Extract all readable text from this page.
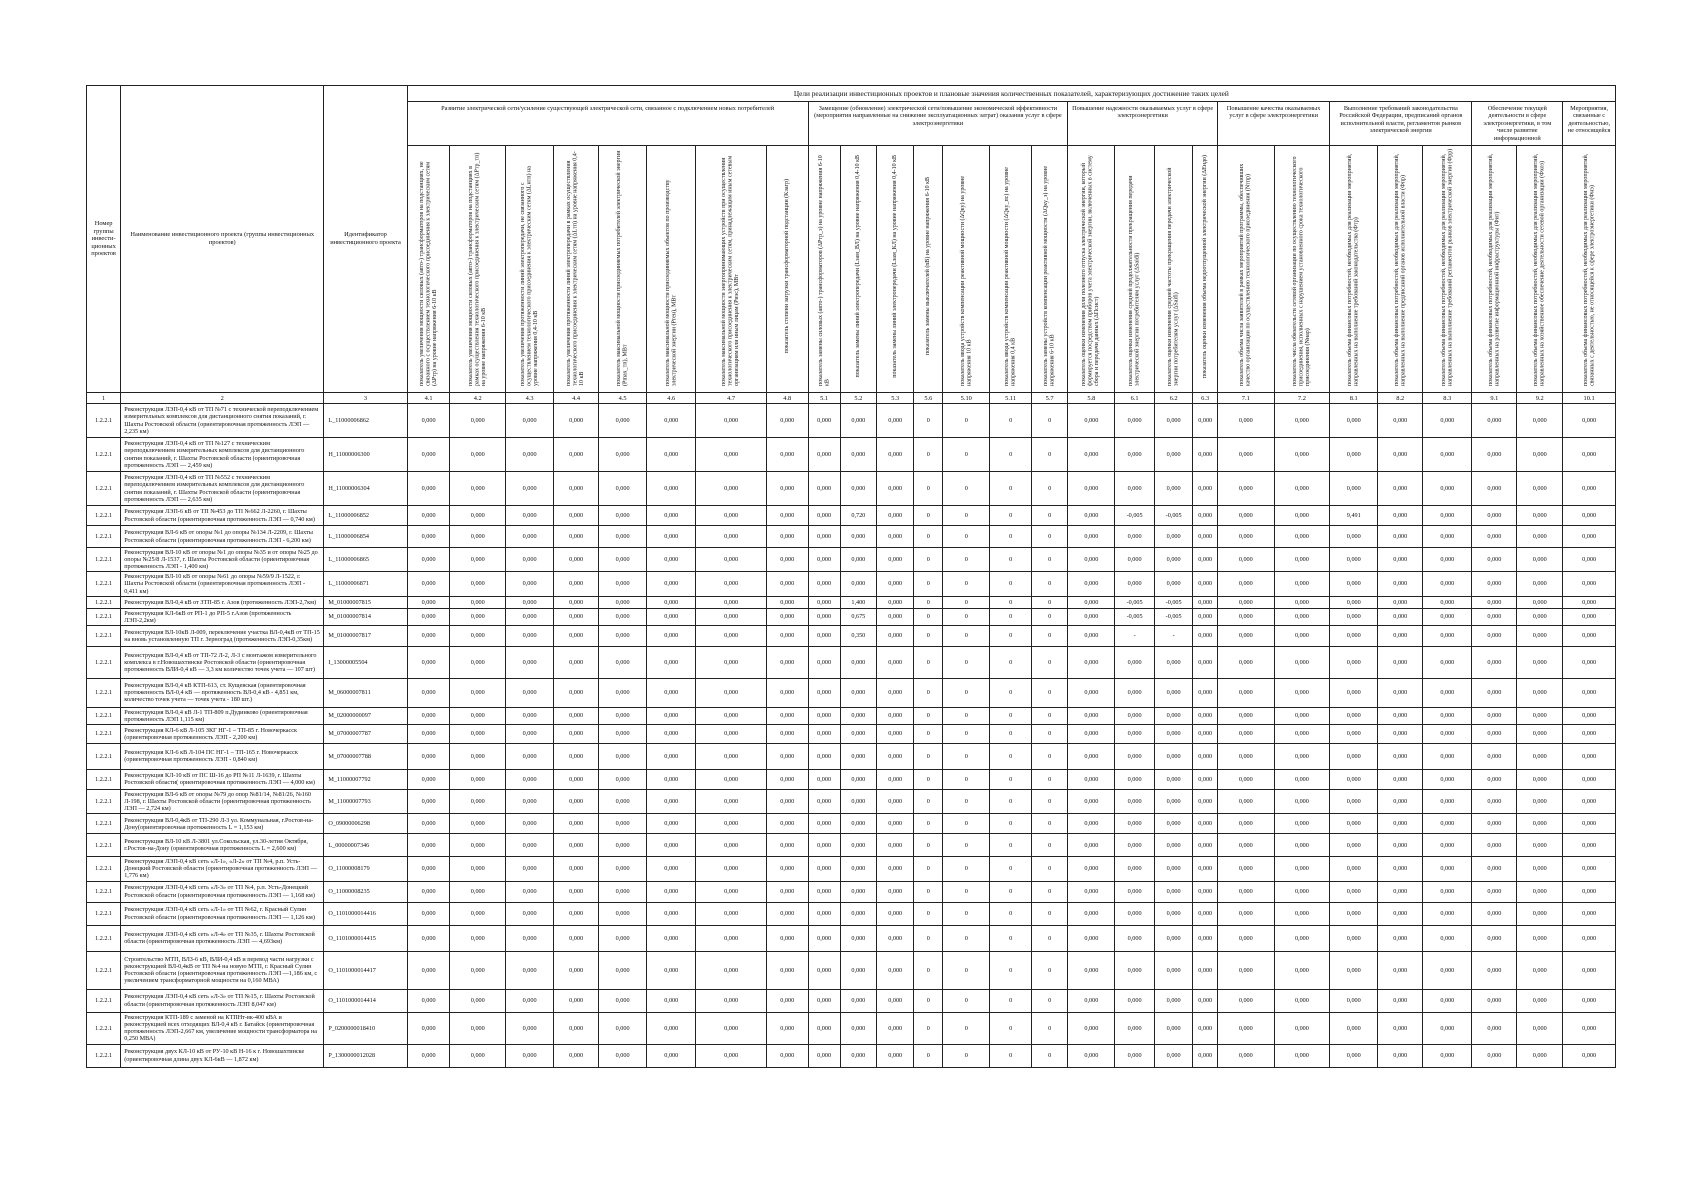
Номер группы инвести-ционных проектов	Наименование инвестиционного проекта (группы инвестиционных проектов)	Идентификатор инвестиционного проекта	Цели реализации инвестиционных проектов и плановые значения количественных показателей, характеризующих достижение таких целей																										
			Развитие электрической сети/усиление существующей электрической сети, связанное с подключением новых потребителей								Замещение (обновление) электрической сети/повышение экономической эффективности (мероприятия направленные на снижение эксплуатационных затрат) оказания услуг в сфере электроэнергетики							Повышение надежности оказываемых услуг в сфере электроэнергетики				Повышение качества оказываемых услуг в сфере электроэнергетики		Выполнение требований законодательства Российской Федерации, предписаний органов исполнительной власти, регламентов рынков электрической энергии			Обеспечение текущей деятельности в сфере электроэнергетики, в том числе развитие информационной		Мероприятия, связанные с деятельностью, не относящейся
			показатель увеличения мощности силовых (авто-) трансформаторов на подстанциях, не связанного с осуществлением технологического присоединения к электрическим сетям (ΔPтр) на уровне напряжения 6-10 кВ	показатель увеличения мощности силовых (авто-) трансформаторов на подстанциях в рамках осуществления технологического присоединения к электрическим сетям (ΔPтр_тп) на уровне напряжения 6-10 кВ	показатель увеличения протяженности линий электропередачи, не связанного с осуществлением технологического присоединения к электрическим сетям (ΔLнтп) на уровне напряжения 0,4-10 кВ	показатель увеличения протяженности линий электропередачи в рамках осуществления технологического присоединения к электрическим сетям (ΔLтп) на уровне напряжения 0,4-10 кВ	показатель максимальной мощности присоединяемых потребителей электрической энергии (Pmax_тп), МВт	показатель максимальной мощности присоединяемых объектов по производству электрической энергии (Pген), МВт	показатель максимальной мощности энергопринимающих устройств при осуществлении технологического присоединения к электрическим сетям, принадлежащим иным сетевым организациям или иным лицам (Pиэс), МВт	показатель степени загрузки трансформаторной подстанции (Kзагр)	показатель замены силовых (авто-) трансформаторов (ΔPтр_з) на уровне напряжения 6-10 кВ	показатель замены линий электропередачи (Lзам_ВЛ) на уровне напряжения 0,4-10 кВ	показатель замены линий электропередачи (Lзам_КЛ) на уровне напряжения 0,4-10 кВ	показатель замены выключателей (nВ) на уровне напряжения 6-10 кВ	показатель ввода устройств компенсации реактивной мощности (ΔQку) на уровне напряжения 10 кВ	показатель ввода устройств компенсации реактивной мощности (ΔQку_пс) на уровне напряжения 0,4 кВ	показатель замены устройств компенсации реактивной мощности (ΔQку_з) на уровне напряжения 6-10 кВ	показатель оценки изменения доли полезного отпуска электрической энергии, который формируется посредством приборов учета электрической энергии, включенных в систему сбора и передачи данных (ΔПсист)	показатель оценки изменения средней продолжительности прекращения передачи электрической энергии потребителям услуг (ΔSaidi)	показатель оценки изменения средней частоты прекращения передачи электрической энергии потребителям услуг (ΔSaifi)	показатель оценки изменения объема недоотпущенной электрической энергии (ΔEндо)	показатель объема числа заявителей в рамках мероприятий программы, обеспечивших качество организации по осуществлению технологического присоединения (Nтпр)	показатель числа обязательств сетевой организации по осуществлению технологического присоединения, исполненных с нарушением установленного срока технологического присоединения (Nнар)	показатель объема финансовых потребностей, необходимых для реализации мероприятий, направленных на выполнение требований законодательства (Фтр)	показатель объема финансовых потребностей, необходимых для реализации мероприятий, направленных на выполнение предписаний органов исполнительной власти (Фпр)	показатель объема финансовых потребностей, необходимых для реализации мероприятий, направленных на выполнение требований регламентов рынков электрической энергии (Фрр)	показатель объема финансовых потребностей, необходимых для реализации мероприятий, направленных на развитие информационной инфраструктуры (Фит)	показатель объема финансовых потребностей, необходимых для реализации мероприятий, направленных на хозяйственное обеспечение деятельности сетевой организации (Фхоз)	показатель объема финансовых потребностей, необходимых для реализации мероприятий, связанных с деятельностью, не относящейся к сфере электроэнергетики (Фнэ)
1	2	3	4.1	4.2	4.3	4.4	4.5	4.6	4.7	4.8	5.1	5.2	5.3	5.6	5.10	5.11	5.7	5.8	6.1	6.2	6.3	7.1	7.2	8.1	8.2	8.3	9.1	9.2	10.1
1.2.2.1	Реконструкция ЛЭП-0,4 кВ от ТП №71 с технической переподключением измерительных комплексов для дистанционного снятия показаний, г. Шахты Ростовской области (ориентировочная протяженность ЛЭП — 2,235 км)	L_11000006862	0,000	0,000	0,000	0,000	0,000	0,000	0,000	0,000	0,000	0,000	0,000	0	0	0	0	0,000	0,000	0,000	0,000	0,000	0,000	0,000	0,000	0,000	0,000	0,000	0,000
1.2.2.1	Реконструкция ЛЭП-0,4 кВ от ТП №127 с техническим переподключением измерительных комплексов для дистанционного снятия показаний, г. Шахты Ростовской области (ориентировочная протяженность ЛЭП — 2,459 км)	H_11000006300	0,000	0,000	0,000	0,000	0,000	0,000	0,000	0,000	0,000	0,000	0,000	0	0	0	0	0,000	0,000	0,000	0,000	0,000	0,000	0,000	0,000	0,000	0,000	0,000	0,000
1.2.2.1	Реконструкция ЛЭП-0,4 кВ от ТП №552 с техническим переподключением измерительных комплексов для дистанционного снятия показаний, г. Шахты Ростовской области (ориентировочная протяженность ЛЭП — 2,635 км)	H_11000006304	0,000	0,000	0,000	0,000	0,000	0,000	0,000	0,000	0,000	0,000	0,000	0	0	0	0	0,000	0,000	0,000	0,000	0,000	0,000	0,000	0,000	0,000	0,000	0,000	0,000
1.2.2.1	Реконструкция ЛЭП-6 кВ от ТП №453 до ТП №662 Л-2260, г. Шахты Ростовской области (ориентировочная протяженность ЛЭП — 0,740 км)	L_11000006852	0,000	0,000	0,000	0,000	0,000	0,000	0,000	0,000	0,000	0,720	0,000	0	0	0	0	0,000	-0,005	-0,005	0,000	0,000	0,000	9,491	0,000	0,000	0,000	0,000	0,000
1.2.2.1	Реконструкция ВЛ-6 кВ от опоры №1 до опоры №134 Л-2209, г. Шахты Ростовской области (ориентировочная протяженность ЛЭП - 6,200 км)	L_11000006854	0,000	0,000	0,000	0,000	0,000	0,000	0,000	0,000	0,000	0,000	0,000	0	0	0	0	0,000	0,000	0,000	0,000	0,000	0,000	0,000	0,000	0,000	0,000	0,000	0,000
1.2.2.1	Реконструкция ВЛ-10 кВ от опоры №1 до опоры №35 и от опоры №25 до опоры №25/8 Л-1537, г. Шахты Ростовской области (ориентировочная протяженность ЛЭП - 1,400 км)	L_11000006865	0,000	0,000	0,000	0,000	0,000	0,000	0,000	0,000	0,000	0,000	0,000	0	0	0	0	0,000	0,000	0,000	0,000	0,000	0,000	0,000	0,000	0,000	0,000	0,000	0,000
1.2.2.1	Реконструкция ВЛ-10 кВ от опоры №61 до опоры №59/9 Л-1522, г. Шахты Ростовской области (ориентировочная протяженность ЛЭП - 0,411 км)	L_11000006871	0,000	0,000	0,000	0,000	0,000	0,000	0,000	0,000	0,000	0,000	0,000	0	0	0	0	0,000	0,000	0,000	0,000	0,000	0,000	0,000	0,000	0,000	0,000	0,000	0,000
1.2.2.1	Реконструкция ВЛ-0,4 кВ от ЗТП-85 г. Азов (протяженность ЛЭП-2,7км)	M_01000007815	0,000	0,000	0,000	0,000	0,000	0,000	0,000	0,000	0,000	1,400	0,000	0	0	0	0	0,000	-0,005	-0,005	0,000	0,000	0,000	0,000	0,000	0,000	0,000	0,000	0,000
1.2.2.1	Реконструкция КЛ-6кВ от РП-1 до РП-5 г.Азов (протяженность ЛЭП-2,2км)	M_01000007814	0,000	0,000	0,000	0,000	0,000	0,000	0,000	0,000	0,000	0,675	0,000	0	0	0	0	0,000	-0,005	-0,005	0,000	0,000	0,000	0,000	0,000	0,000	0,000	0,000	0,000
1.2.2.1	Реконструкция ВЛ-10кВ Л-009, переключение участка ВЛ-0,4кВ от ТП-15 на вновь установленную ТП г. Зерноград (протяженность ЛЭП-0,35км)	M_01000007817	0,000	0,000	0,000	0,000	0,000	0,000	0,000	0,000	0,000	0,350	0,000	0	0	0	0	0,000	-	-	0,000	0,000	0,000	0,000	0,000	0,000	0,000	0,000	0,000
1.2.2.1	Реконструкция ВЛ-0,4 кВ от ТП-72 Л-2, Л-3 с монтажом измерительного комплекса в г.Новошахтинске Ростовской области (ориентировочная протяженность ВЛИ-0,4 кВ — 3,3 км количество точек учета — 107 шт)	I_13000005504	0,000	0,000	0,000	0,000	0,000	0,000	0,000	0,000	0,000	0,000	0,000	0	0	0	0	0,000	0,000	0,000	0,000	0,000	0,000	0,000	0,000	0,000	0,000	0,000	0,000
1.2.2.1	Реконструкция ВЛ-0,4 кВ КТП-613, ст. Кущевская (ориентировочная протяженность ВЛ-0,4 кВ — протяженность ВЛ-0,4 кВ - 4,851 км, количество точек учета — точек учета - 180 шт.)	M_06000007811	0,000	0,000	0,000	0,000	0,000	0,000	0,000	0,000	0,000	0,000	0,000	0	0	0	0	0,000	0,000	0,000	0,000	0,000	0,000	0,000	0,000	0,000	0,000	0,000	0,000
1.2.2.1	Реконструкция ВЛ-0,4 кВ Л-1 ТП-809 п.Дудинково (ориентировочная протяженность ЛЭП 1,115 км)	M_02000000097	0,000	0,000	0,000	0,000	0,000	0,000	0,000	0,000	0,000	0,000	0,000	0	0	0	0	0,000	0,000	0,000	0,000	0,000	0,000	0,000	0,000	0,000	0,000	0,000	0,000
1.2.2.1	Реконструкция КЛ-6 кВ Л-105 ЗКГ НГ-1 – ТП-85 г. Новочеркасск (ориентировочная протяженность ЛЭП - 2,200 км)	M_07000007787	0,000	0,000	0,000	0,000	0,000	0,000	0,000	0,000	0,000	0,000	0,000	0	0	0	0	0,000	0,000	0,000	0,000	0,000	0,000	0,000	0,000	0,000	0,000	0,000	0,000
1.2.2.1	Реконструкция КЛ-6 кВ Л-104 ПС НГ-1 – ТП-165 г. Новочеркасск (ориентировочная протяженность ЛЭП - 0,840 км)	M_07000007788	0,000	0,000	0,000	0,000	0,000	0,000	0,000	0,000	0,000	0,000	0,000	0	0	0	0	0,000	0,000	0,000	0,000	0,000	0,000	0,000	0,000	0,000	0,000	0,000	0,000
1.2.2.1	Реконструкция КЛ-10 кВ от ПС Ш-16 до РП №11 Л-1639, г. Шахты Ростовской области( ориентировочная протяженность ЛЭП — 4,000 км)	M_11000007792	0,000	0,000	0,000	0,000	0,000	0,000	0,000	0,000	0,000	0,000	0,000	0	0	0	0	0,000	0,000	0,000	0,000	0,000	0,000	0,000	0,000	0,000	0,000	0,000	0,000
1.2.2.1	Реконструкция ВЛ-6 кВ от опоры №79 до опор №81/14, №81/26, №160 Л-198, г. Шахты Ростовской области (ориентировочная протяженность ЛЭП — 2,724 км)	M_11000007793	0,000	0,000	0,000	0,000	0,000	0,000	0,000	0,000	0,000	0,000	0,000	0	0	0	0	0,000	0,000	0,000	0,000	0,000	0,000	0,000	0,000	0,000	0,000	0,000	0,000
1.2.2.1	Реконструкция ВЛ-0,4кВ от ТП-290 Л-3 ул. Коммунальная, г.Ростов-на-Дону(ориентировочная протяженность L = 1,153 км)	O_09000006298	0,000	0,000	0,000	0,000	0,000	0,000	0,000	0,000	0,000	0,000	0,000	0	0	0	0	0,000	0,000	0,000	0,000	0,000	0,000	0,000	0,000	0,000	0,000	0,000	0,000
1.2.2.1	Реконструкция ВЛ-10 кВ Л-3801 ул.Сокольская, ул.30-летия Октября, г.Ростов-на-Дону (ориентировочная протяженность L = 2,600 км)	L_00000007346	0,000	0,000	0,000	0,000	0,000	0,000	0,000	0,000	0,000	0,000	0,000	0	0	0	0	0,000	0,000	0,000	0,000	0,000	0,000	0,000	0,000	0,000	0,000	0,000	0,000
1.2.2.1	Реконструкция ЛЭП-0,4 кВ сеть «Л-1», «Л-2» от ТП №4, р.п. Усть-Донецкий Ростовской области (ориентировочная протяженность ЛЭП — 1,776 км)	O_11000008179	0,000	0,000	0,000	0,000	0,000	0,000	0,000	0,000	0,000	0,000	0,000	0	0	0	0	0,000	0,000	0,000	0,000	0,000	0,000	0,000	0,000	0,000	0,000	0,000	0,000
1.2.2.1	Реконструкция ЛЭП-0,4 кВ сеть «Л-3» от ТП №4, р.п. Усть-Донецкий Ростовской области (ориентировочная протяженность ЛЭП — 1,168 км)	O_11000008235	0,000	0,000	0,000	0,000	0,000	0,000	0,000	0,000	0,000	0,000	0,000	0	0	0	0	0,000	0,000	0,000	0,000	0,000	0,000	0,000	0,000	0,000	0,000	0,000	0,000
1.2.2.1	Реконструкция ЛЭП-0,4 кВ сеть «Л-1» от ТП №62, г. Красный Сулин Ростовской области (ориентировочная протяженность ЛЭП — 1,126 км)	O_1101000014416	0,000	0,000	0,000	0,000	0,000	0,000	0,000	0,000	0,000	0,000	0,000	0	0	0	0	0,000	0,000	0,000	0,000	0,000	0,000	0,000	0,000	0,000	0,000	0,000	0,000
1.2.2.1	Реконструкция ЛЭП-0,4 кВ сеть «Л-4» от ТП №35, г. Шахты Ростовской области (ориентировочная протяженность ЛЭП — 4,693км)	O_1101000014415	0,000	0,000	0,000	0,000	0,000	0,000	0,000	0,000	0,000	0,000	0,000	0	0	0	0	0,000	0,000	0,000	0,000	0,000	0,000	0,000	0,000	0,000	0,000	0,000	0,000
1.2.2.1	Строительство МТП, ВЛЗ-6 кВ, ВЛИ-0,4 кВ и перевод части нагрузки с реконструкцией ВЛ-0,4кВ от ТП №4 на новую МТП, г. Красный Сулин Ростовской области (ориентировочная протяженность ЛЭП —1,186 км, с увеличением трансформаторной мощности на 0,160 МВА)	O_1101000014417	0,000	0,000	0,000	0,000	0,000	0,000	0,000	0,000	0,000	0,000	0,000	0	0	0	0	0,000	0,000	0,000	0,000	0,000	0,000	0,000	0,000	0,000	0,000	0,000	0,000
1.2.2.1	Реконструкция ЛЭП-0,4 кВ сеть «Л-3» от ТП №15, г. Шахты Ростовской области (ориентировочная протяженность ЛЭП 8,047 км)	O_1101000014414	0,000	0,000	0,000	0,000	0,000	0,000	0,000	0,000	0,000	0,000	0,000	0	0	0	0	0,000	0,000	0,000	0,000	0,000	0,000	0,000	0,000	0,000	0,000	0,000	0,000
1.2.2.1	Реконструкция КТП-189 с заменой на КТПНт-вк-400 кВА и реконструкцией всех отходящих ВЛ-0,4 кВ г. Батайск (ориентировочная протяженность ЛЭП-2,667 км, увеличение мощности трансформатора на 0,250 МВА)	P_0200000018410	0,000	0,000	0,000	0,000	0,000	0,000	0,000	0,000	0,000	0,000	0,000	0	0	0	0	0,000	0,000	0,000	0,000	0,000	0,000	0,000	0,000	0,000	0,000	0,000	0,000
1.2.2.1	Реконструкция двух КЛ-10 кВ от РУ-10 кВ Н-16 к г. Новошахтинске (ориентировочная длина двух КЛ-6кВ — 1,872 км)	P_1300000012028	0,000	0,000	0,000	0,000	0,000	0,000	0,000	0,000	0,000	0,000	0,000	0	0	0	0	0,000	0,000	0,000	0,000	0,000	0,000	0,000	0,000	0,000	0,000	0,000	0,000
